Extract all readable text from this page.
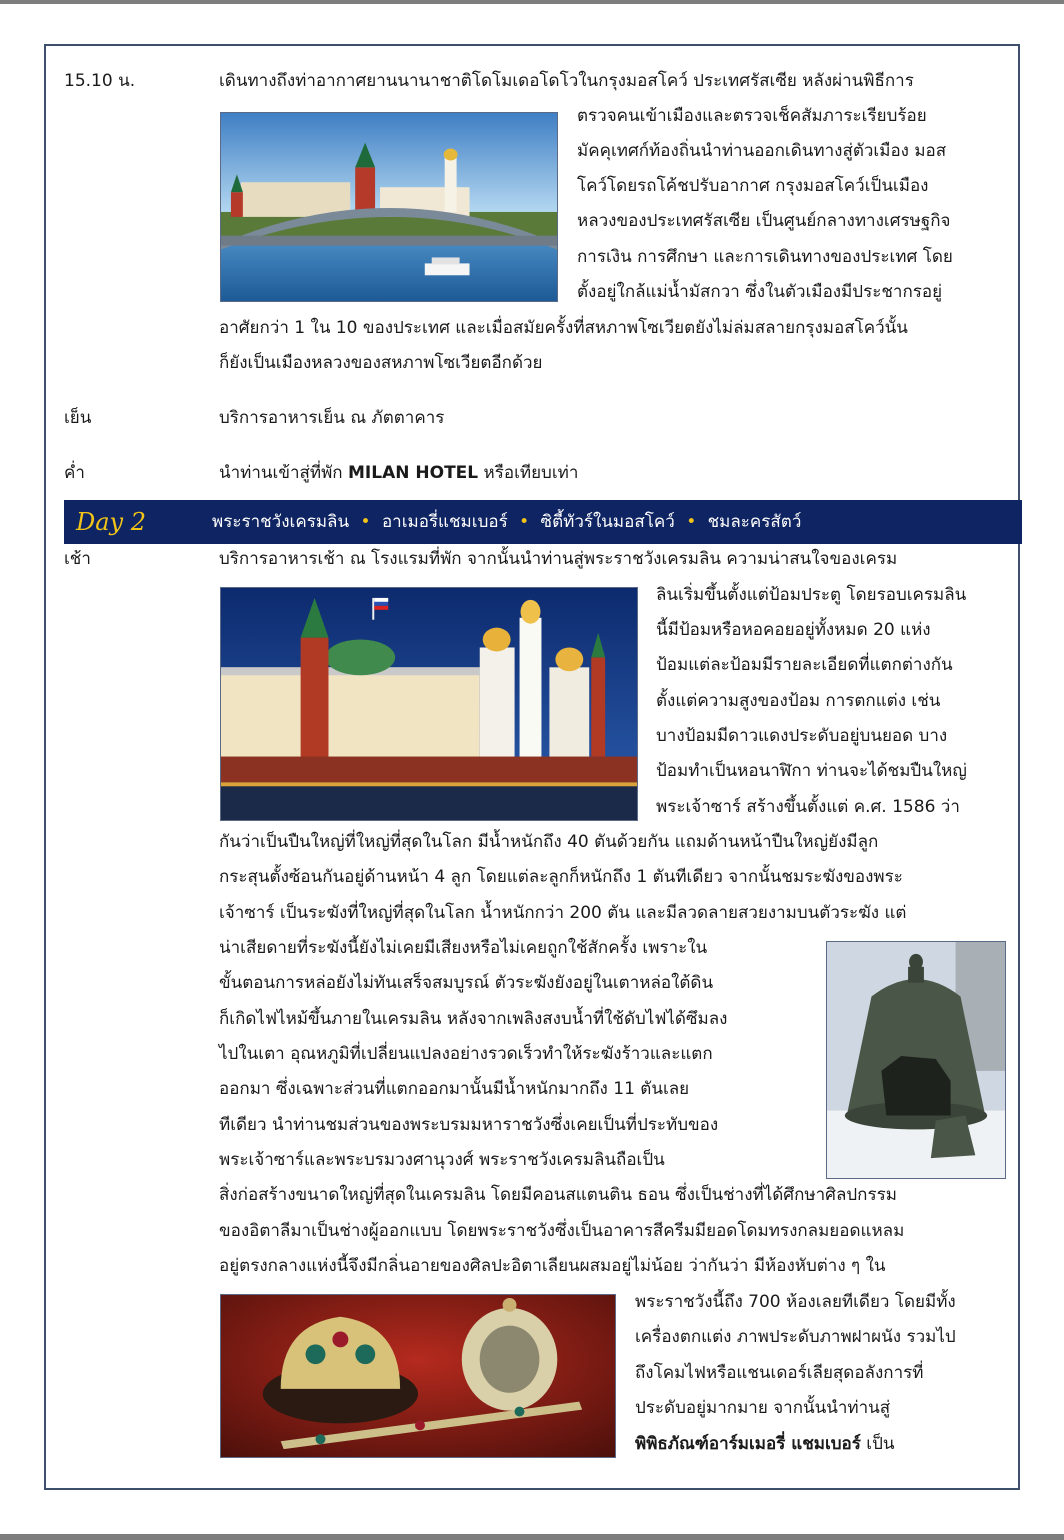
15.10 น.	เดินทางถึงท่าอากาศยานนานาชาติโดโมเดอโดโวในกรุงมอสโคว์ ประเทศรัสเซีย หลังผ่านพิธีการ
ตรวจคนเข้าเมืองและตรวจเช็คสัมภาระเรียบร้อย
มัคคุเทศก์ท้องถิ่นนำท่านออกเดินทางสู่ตัวเมือง มอส
โคว์โดยรถโค้ชปรับอากาศ กรุงมอสโคว์เป็นเมือง
หลวงของประเทศรัสเซีย เป็นศูนย์กลางทางเศรษฐกิจ
การเงิน การศึกษา และการเดินทางของประเทศ โดย
ตั้งอยู่ใกล้แม่น้ำมัสกวา ซึ่งในตัวเมืองมีประชากรอยู่
อาศัยกว่า 1 ใน 10 ของประเทศ และเมื่อสมัยครั้งที่สหภาพโซเวียตยังไม่ล่มสลายกรุงมอสโคว์นั้น
ก็ยังเป็นเมืองหลวงของสหภาพโซเวียตอีกด้วย
เย็น	บริการอาหารเย็น ณ ภัตตาคาร
ค่ำ	นำท่านเข้าสู่ที่พัก MILAN HOTEL หรือเทียบเท่า
Day 2	พระราชวังเครมลิน • อาเมอรี่แชมเบอร์ • ซิตี้ทัวร์ในมอสโคว์ • ชมละครสัตว์
เช้า	บริการอาหารเช้า ณ โรงแรมที่พัก จากนั้นนำท่านสู่พระราชวังเครมลิน ความน่าสนใจของเครม
ลินเริ่มขึ้นตั้งแต่ป้อมประตู โดยรอบเครมลิน
นี้มีป้อมหรือหอคอยอยู่ทั้งหมด 20 แห่ง
ป้อมแต่ละป้อมมีรายละเอียดที่แตกต่างกัน
ตั้งแต่ความสูงของป้อม การตกแต่ง เช่น
บางป้อมมีดาวแดงประดับอยู่บนยอด บาง
ป้อมทำเป็นหอนาฬิกา ท่านจะได้ชมปืนใหญ่
พระเจ้าซาร์ สร้างขึ้นตั้งแต่ ค.ศ. 1586 ว่า
กันว่าเป็นปืนใหญ่ที่ใหญ่ที่สุดในโลก มีน้ำหนักถึง 40 ตันด้วยกัน แถมด้านหน้าปืนใหญ่ยังมีลูก
กระสุนตั้งซ้อนกันอยู่ด้านหน้า 4 ลูก โดยแต่ละลูกก็หนักถึง 1 ตันทีเดียว จากนั้นชมระฆังของพระ
เจ้าซาร์ เป็นระฆังที่ใหญ่ที่สุดในโลก น้ำหนักกว่า 200 ตัน และมีลวดลายสวยงามบนตัวระฆัง แต่
น่าเสียดายที่ระฆังนี้ยังไม่เคยมีเสียงหรือไม่เคยถูกใช้สักครั้ง เพราะใน
ขั้นตอนการหล่อยังไม่ทันเสร็จสมบูรณ์ ตัวระฆังยังอยู่ในเตาหล่อใต้ดิน
ก็เกิดไฟไหม้ขึ้นภายในเครมลิน หลังจากเพลิงสงบน้ำที่ใช้ดับไฟได้ซึมลง
ไปในเตา อุณหภูมิที่เปลี่ยนแปลงอย่างรวดเร็วทำให้ระฆังร้าวและแตก
ออกมา ซึ่งเฉพาะส่วนที่แตกออกมานั้นมีน้ำหนักมากถึง 11 ตันเลย
ทีเดียว นำท่านชมส่วนของพระบรมมหาราชวังซึ่งเคยเป็นที่ประทับของ
พระเจ้าซาร์และพระบรมวงศานุวงศ์ พระราชวังเครมลินถือเป็น
สิ่งก่อสร้างขนาดใหญ่ที่สุดในเครมลิน โดยมีคอนสแตนติน ธอน ซึ่งเป็นช่างที่ได้ศึกษาศิลปกรรม
ของอิตาลีมาเป็นช่างผู้ออกแบบ โดยพระราชวังซึ่งเป็นอาคารสีครีมมียอดโดมทรงกลมยอดแหลม
อยู่ตรงกลางแห่งนี้จึงมีกลิ่นอายของศิลปะอิตาเลียนผสมอยู่ไม่น้อย ว่ากันว่า มีห้องหับต่าง ๆ ใน
พระราชวังนี้ถึง 700 ห้องเลยทีเดียว โดยมีทั้ง
เครื่องตกแต่ง ภาพประดับภาพฝาผนัง รวมไป
ถึงโคมไฟหรือแชนเดอร์เลียสุดอลังการที่
ประดับอยู่มากมาย จากนั้นนำท่านสู่
พิพิธภัณฑ์อาร์มเมอรี่ แชมเบอร์ เป็น
